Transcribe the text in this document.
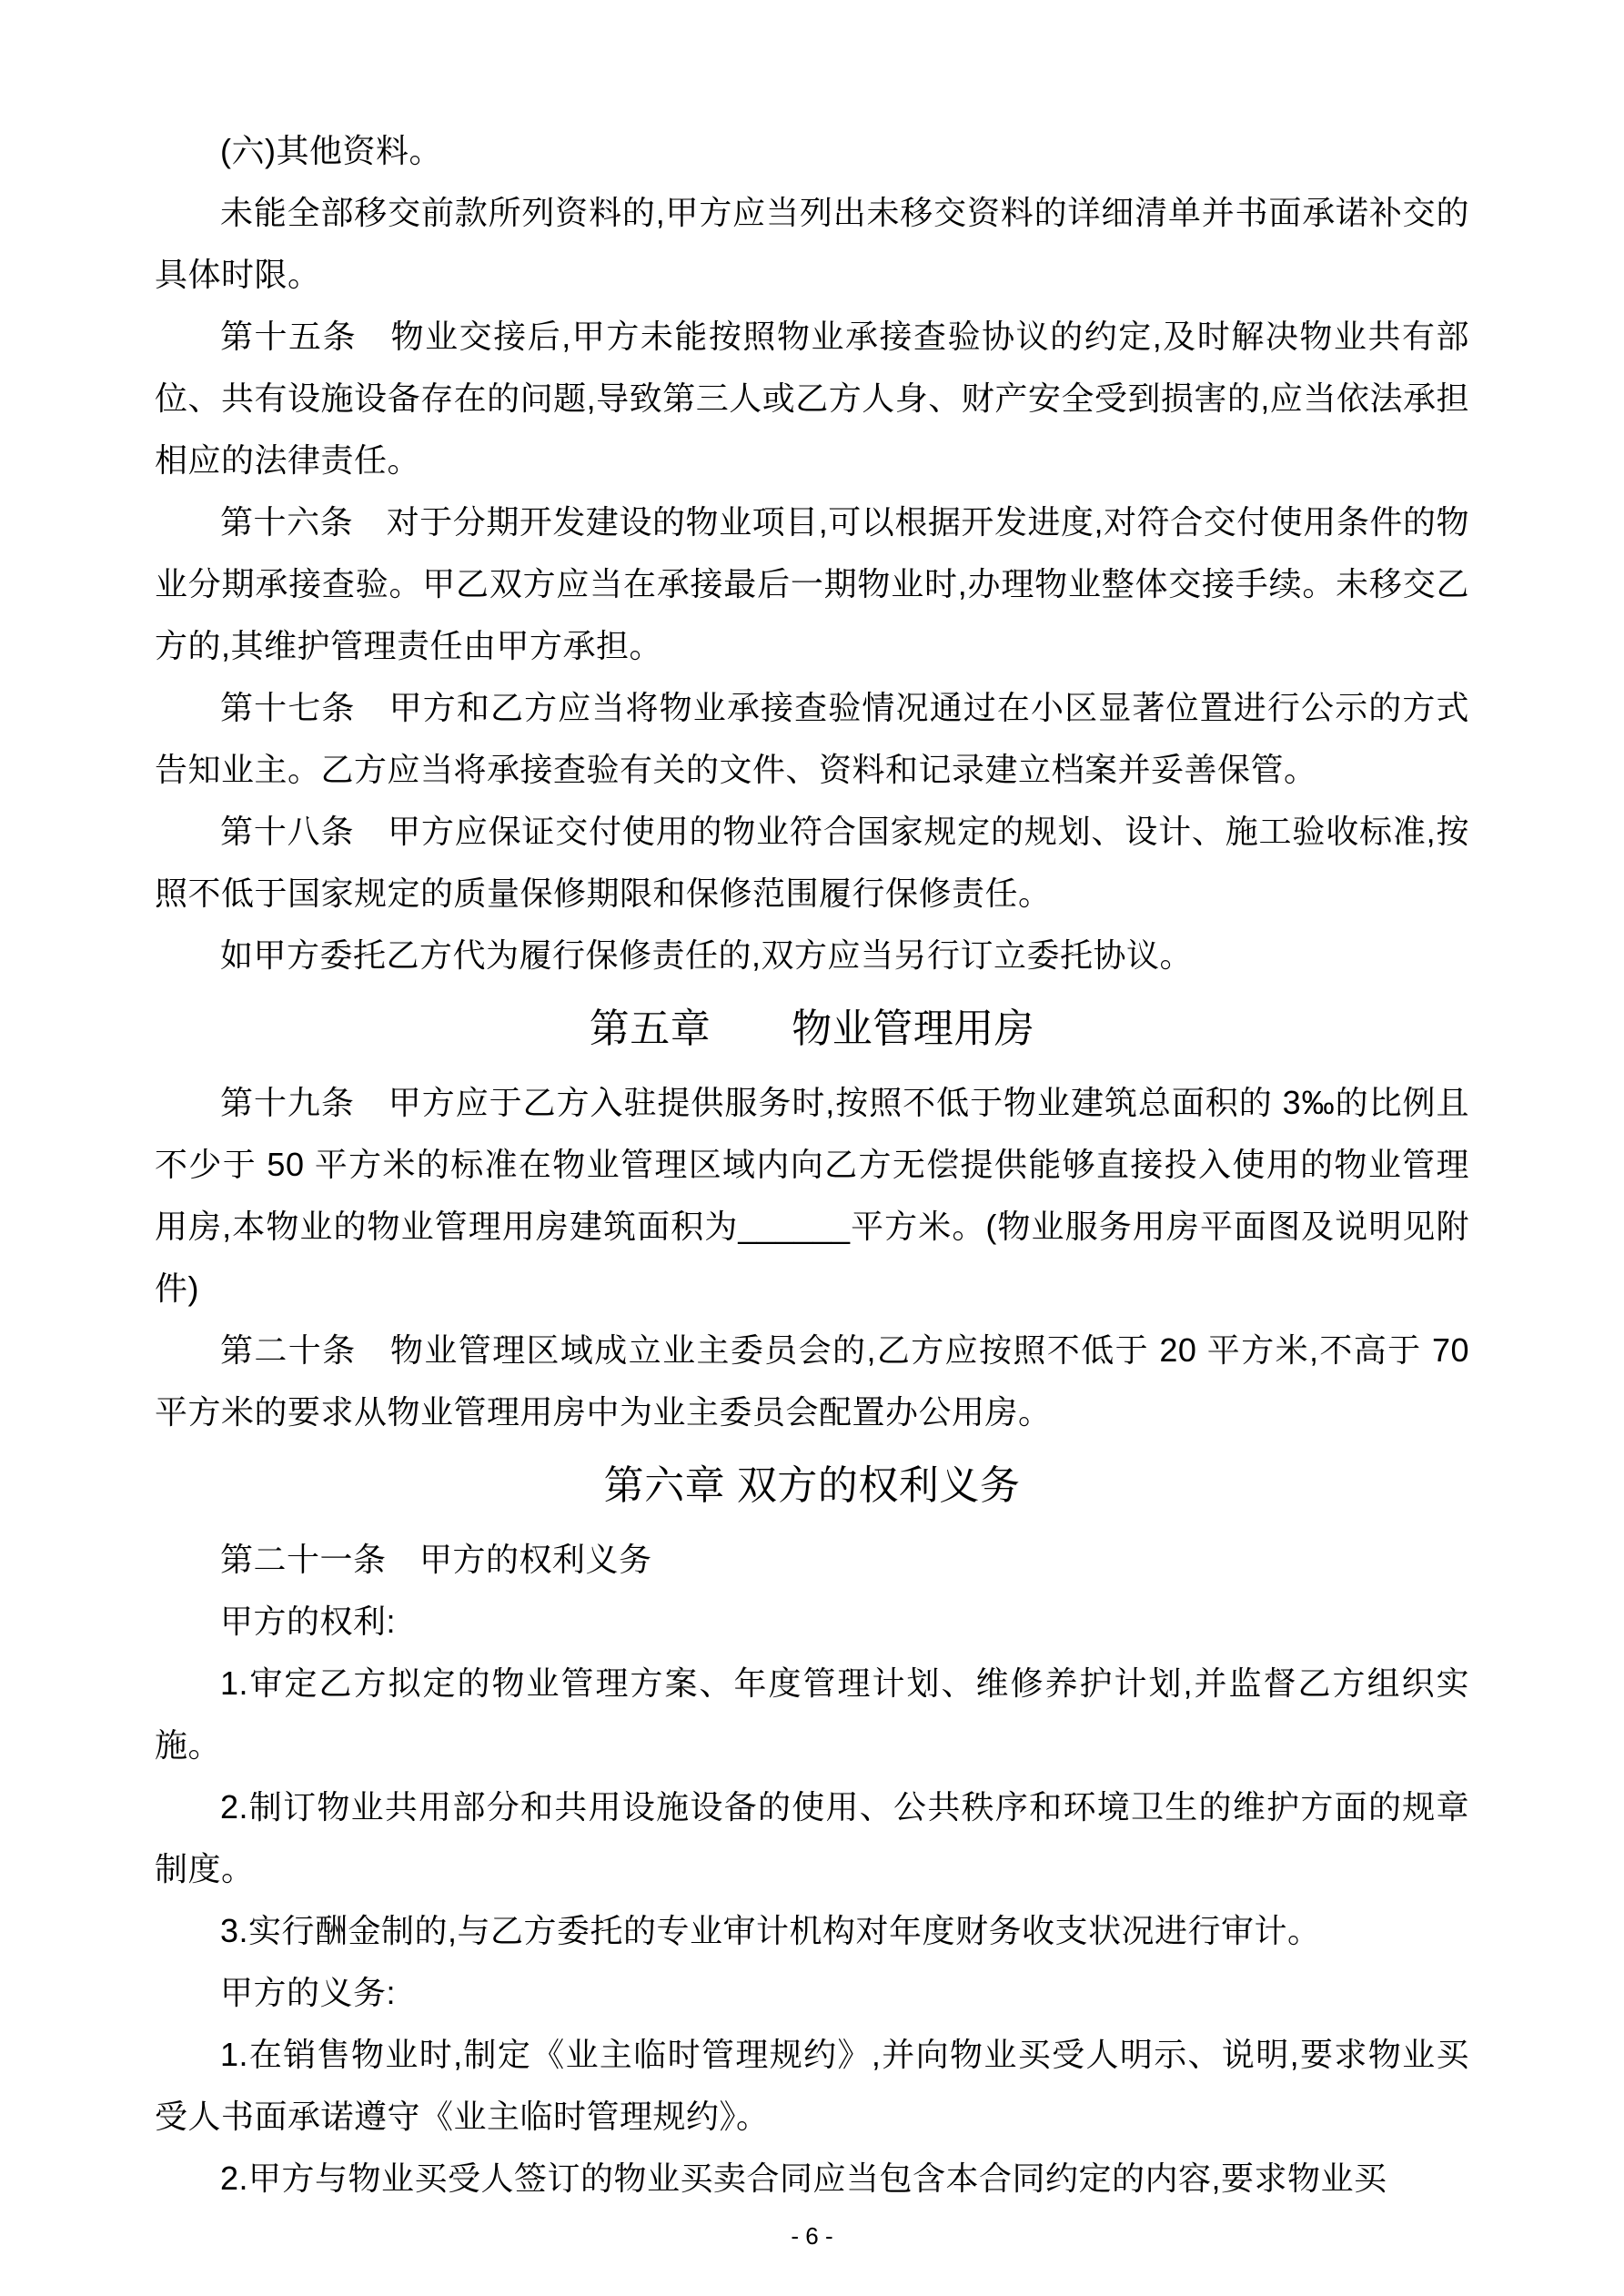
(六)其他资料。

未能全部移交前款所列资料的,甲方应当列出未移交资料的详细清单并书面承诺补交的具体时限。

第十五条　物业交接后,甲方未能按照物业承接查验协议的约定,及时解决物业共有部位、共有设施设备存在的问题,导致第三人或乙方人身、财产安全受到损害的,应当依法承担相应的法律责任。

第十六条　对于分期开发建设的物业项目,可以根据开发进度,对符合交付使用条件的物业分期承接查验。甲乙双方应当在承接最后一期物业时,办理物业整体交接手续。未移交乙方的,其维护管理责任由甲方承担。

第十七条　甲方和乙方应当将物业承接查验情况通过在小区显著位置进行公示的方式告知业主。乙方应当将承接查验有关的文件、资料和记录建立档案并妥善保管。

第十八条　甲方应保证交付使用的物业符合国家规定的规划、设计、施工验收标准,按照不低于国家规定的质量保修期限和保修范围履行保修责任。

如甲方委托乙方代为履行保修责任的,双方应当另行订立委托协议。

第五章　　物业管理用房

第十九条　甲方应于乙方入驻提供服务时,按照不低于物业建筑总面积的 3‰的比例且不少于 50 平方米的标准在物业管理区域内向乙方无偿提供能够直接投入使用的物业管理用房,本物业的物业管理用房建筑面积为______平方米。(物业服务用房平面图及说明见附件)

第二十条　物业管理区域成立业主委员会的,乙方应按照不低于 20 平方米,不高于 70 平方米的要求从物业管理用房中为业主委员会配置办公用房。

第六章 双方的权利义务

第二十一条　甲方的权利义务

甲方的权利:

1.审定乙方拟定的物业管理方案、年度管理计划、维修养护计划,并监督乙方组织实施。

2.制订物业共用部分和共用设施设备的使用、公共秩序和环境卫生的维护方面的规章制度。

3.实行酬金制的,与乙方委托的专业审计机构对年度财务收支状况进行审计。

甲方的义务:

1.在销售物业时,制定《业主临时管理规约》,并向物业买受人明示、说明,要求物业买受人书面承诺遵守《业主临时管理规约》。

2.甲方与物业买受人签订的物业买卖合同应当包含本合同约定的内容,要求物业买

- 6 -
